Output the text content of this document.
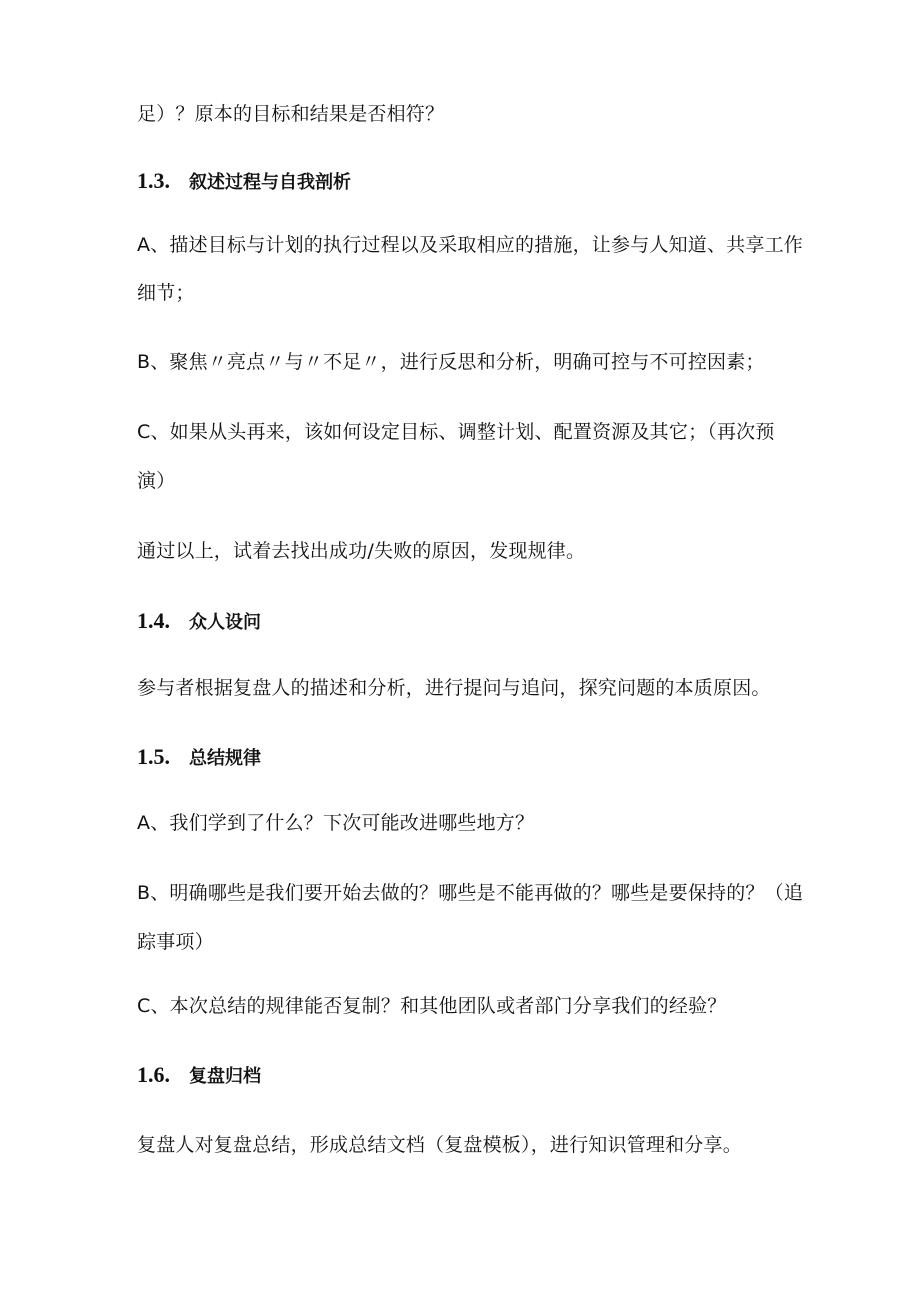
足）？原本的目标和结果是否相符？
1.3. 叙述过程与自我剖析
A、描述目标与计划的执行过程以及采取相应的措施，让参与人知道、共享工作
细节；
B、聚焦〃亮点〃与〃不足〃，进行反思和分析，明确可控与不可控因素；
C、如果从头再来，该如何设定目标、调整计划、配置资源及其它；（再次预
演）
通过以上，试着去找出成功/失败的原因，发现规律。
1.4. 众人设问
参与者根据复盘人的描述和分析，进行提问与追问，探究问题的本质原因。
1.5. 总结规律
A、我们学到了什么？下次可能改进哪些地方？
B、明确哪些是我们要开始去做的？哪些是不能再做的？哪些是要保持的？（追
踪事项）
C、本次总结的规律能否复制？和其他团队或者部门分享我们的经验？
1.6. 复盘归档
复盘人对复盘总结，形成总结文档（复盘模板），进行知识管理和分享。
